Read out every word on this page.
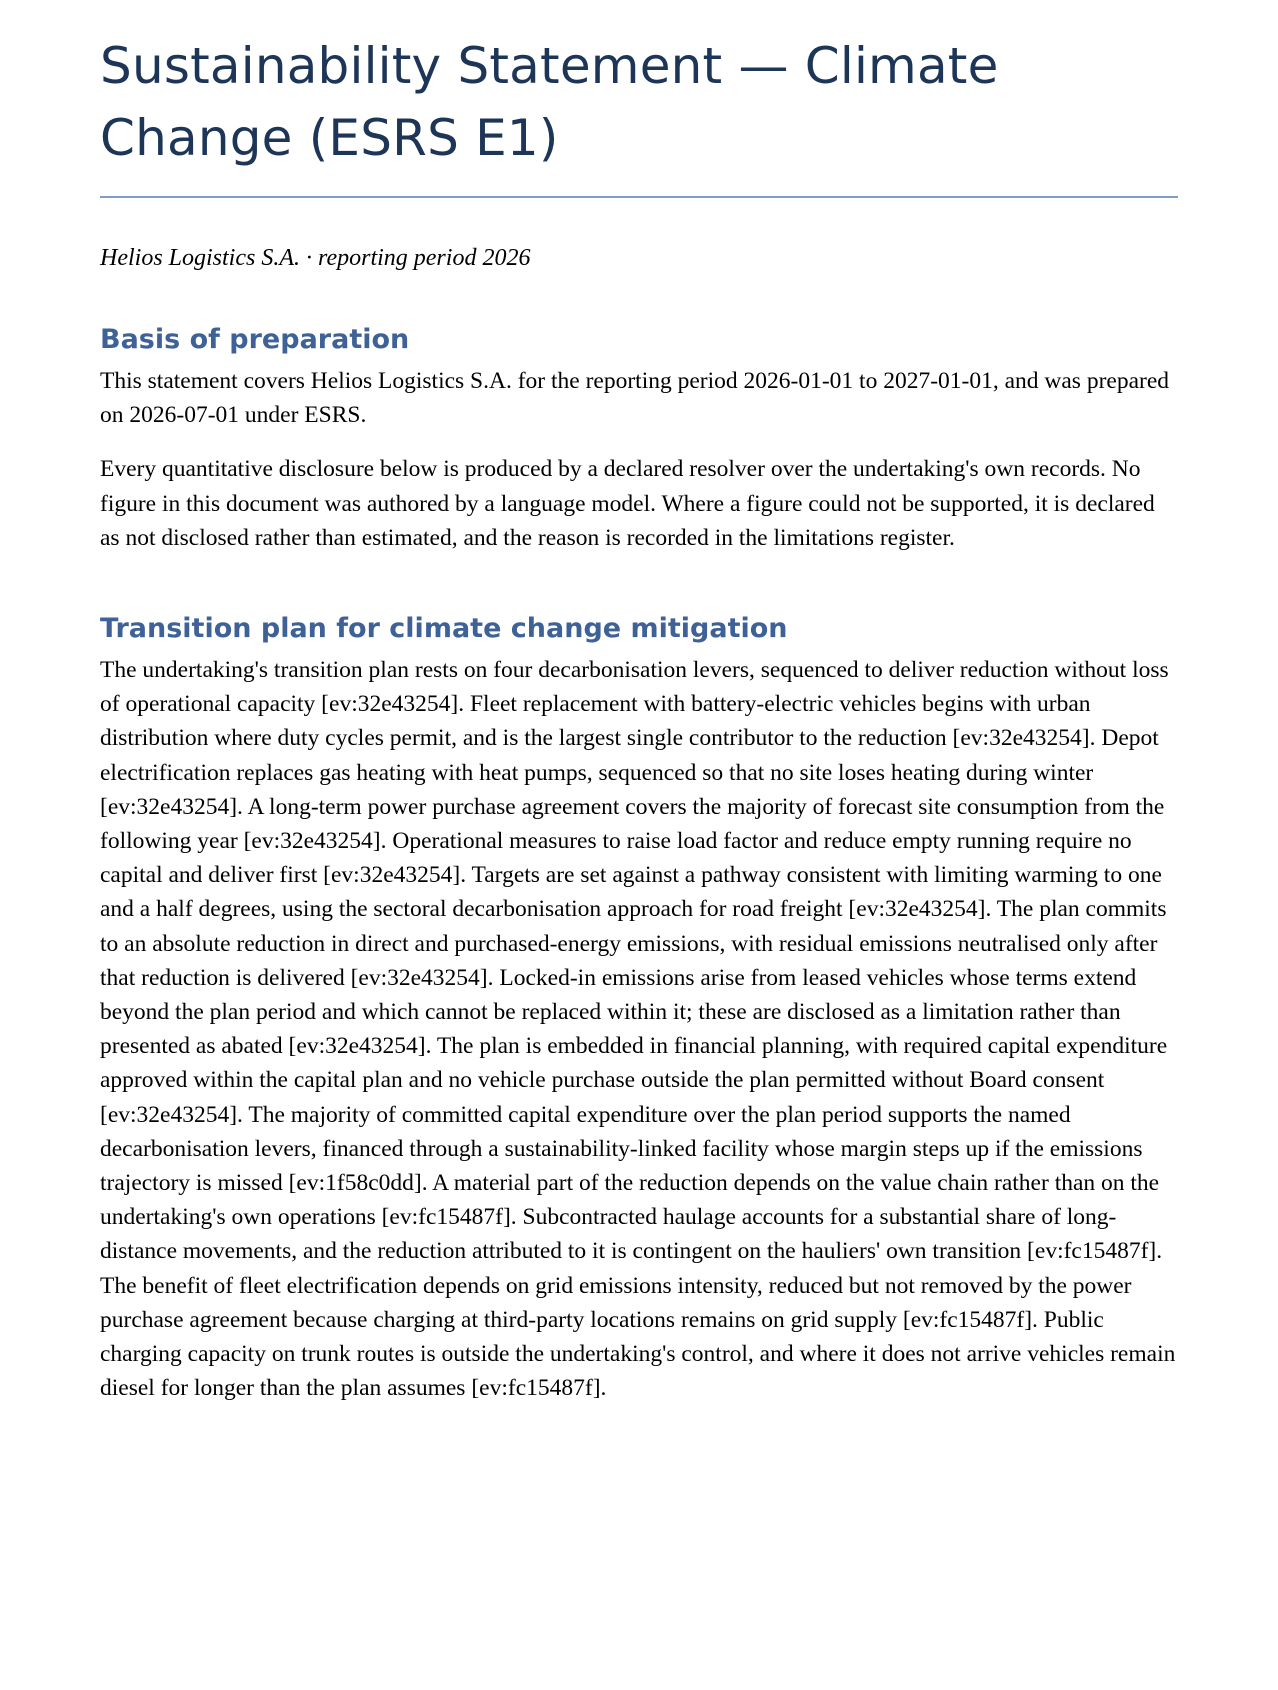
Sustainability Statement — Climate Change (ESRS E1)
Helios Logistics S.A. · reporting period 2026
Basis of preparation

This statement covers Helios Logistics S.A. for the reporting period 2026-01-01 to 2027-01-01, and was prepared on 2026-07-01 under ESRS.

Every quantitative disclosure below is produced by a declared resolver over the undertaking's own records. No figure in this document was authored by a language model. Where a figure could not be supported, it is declared as not disclosed rather than estimated, and the reason is recorded in the limitations register.

Transition plan for climate change mitigation

The undertaking's transition plan rests on four decarbonisation levers, sequenced to deliver reduction without loss of operational capacity [ev:32e43254]. Fleet replacement with battery-electric vehicles begins with urban distribution where duty cycles permit, and is the largest single contributor to the reduction [ev:32e43254]. Depot electrification replaces gas heating with heat pumps, sequenced so that no site loses heating during winter [ev:32e43254]. A long-term power purchase agreement covers the majority of forecast site consumption from the following year [ev:32e43254]. Operational measures to raise load factor and reduce empty running require no capital and deliver first [ev:32e43254]. Targets are set against a pathway consistent with limiting warming to one and a half degrees, using the sectoral decarbonisation approach for road freight [ev:32e43254]. The plan commits to an absolute reduction in direct and purchased-energy emissions, with residual emissions neutralised only after that reduction is delivered [ev:32e43254]. Locked-in emissions arise from leased vehicles whose terms extend beyond the plan period and which cannot be replaced within it; these are disclosed as a limitation rather than presented as abated [ev:32e43254]. The plan is embedded in financial planning, with required capital expenditure approved within the capital plan and no vehicle purchase outside the plan permitted without Board consent [ev:32e43254]. The majority of committed capital expenditure over the plan period supports the named decarbonisation levers, financed through a sustainability-linked facility whose margin steps up if the emissions trajectory is missed [ev:1f58c0dd]. A material part of the reduction depends on the value chain rather than on the undertaking's own operations [ev:fc15487f]. Subcontracted haulage accounts for a substantial share of long-distance movements, and the reduction attributed to it is contingent on the hauliers' own transition [ev:fc15487f]. The benefit of fleet electrification depends on grid emissions intensity, reduced but not removed by the power purchase agreement because charging at third-party locations remains on grid supply [ev:fc15487f]. Public charging capacity on trunk routes is outside the undertaking's control, and where it does not arrive vehicles remain diesel for longer than the plan assumes [ev:fc15487f].
